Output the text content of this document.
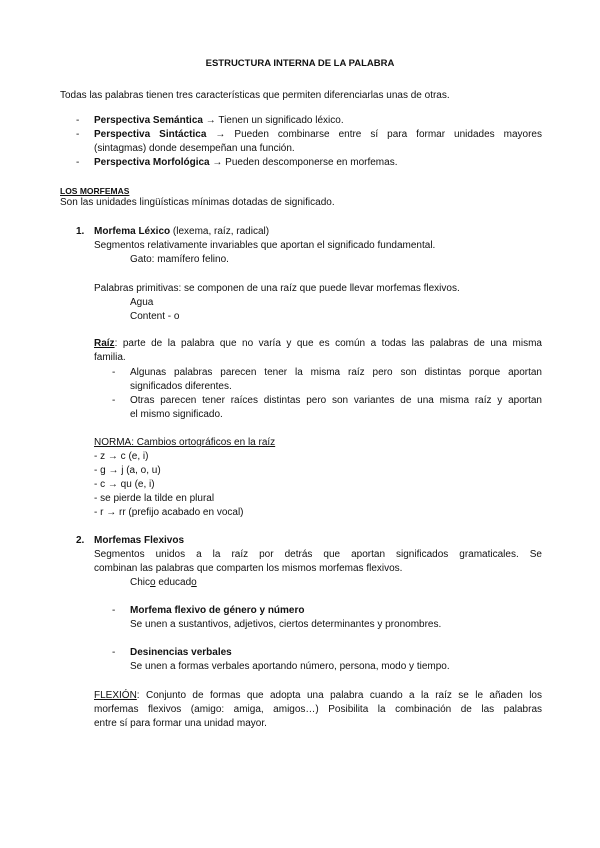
ESTRUCTURA INTERNA DE LA PALABRA
Todas las palabras tienen tres características que permiten diferenciarlas unas de otras.
- Perspectiva Semántica → Tienen un significado léxico.
- Perspectiva Sintáctica → Pueden combinarse entre sí para formar unidades mayores
(sintagmas) donde desempeñan una función.
- Perspectiva Morfológica → Pueden descomponerse en morfemas.
LOS MORFEMAS
Son las unidades lingüísticas mínimas dotadas de significado.
1. Morfema Léxico (lexema, raíz, radical)
Segmentos relativamente invariables que aportan el significado fundamental.
Gato: mamífero felino.
Palabras primitivas: se componen de una raíz que puede llevar morfemas flexivos.
Agua
Content - o
Raíz: parte de la palabra que no varía y que es común a todas las palabras de una misma
familia.
- Algunas palabras parecen tener la misma raíz pero son distintas porque aportan
significados diferentes.
- Otras parecen tener raíces distintas pero son variantes de una misma raíz y aportan
el mismo significado.
NORMA: Cambios ortográficos en la raíz
- z → c (e, i)
- g → j (a, o, u)
- c → qu (e, i)
- se pierde la tilde en plural
- r → rr (prefijo acabado en vocal)
2. Morfemas Flexivos
Segmentos unidos a la raíz por detrás que aportan significados gramaticales. Se
combinan las palabras que comparten los mismos morfemas flexivos.
Chico educado
- Morfema flexivo de género y número
Se unen a sustantivos, adjetivos, ciertos determinantes y pronombres.
- Desinencias verbales
Se unen a formas verbales aportando número, persona, modo y tiempo.
FLEXIÓN: Conjunto de formas que adopta una palabra cuando a la raíz se le añaden los
morfemas flexivos (amigo: amiga, amigos…) Posibilita la combinación de las palabras
entre sí para formar una unidad mayor.
